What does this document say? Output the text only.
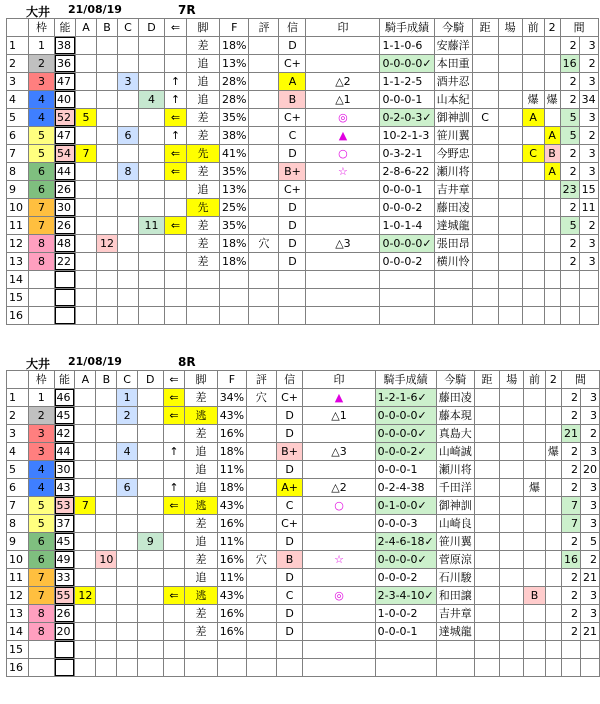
大井 21/08/19	7R
	枠	能	A	B	C	D	⇐	脚	F	評	信	印	騎手成績	今騎	距	場	前	2	間	
1	1	38						差	18%		D		1-1-0-6	安藤洋					2	3
2	2	36						追	13%		C+		0-0-0-0✓	本田重					16	2
3	3	47			3		↑	追	28%		A	△2	1-1-2-5	酒井忍					2	3
4	4	40				4	↑	追	28%		B	△1	0-0-0-1	山本紀			爆	爆	2	34
5	4	52	5				⇐	差	35%		C+	◎	0-2-0-3✓	御神訓	C		A		5	3
6	5	47			6		↑	差	38%		C	▲	10-2-1-3	笹川翼				A	5	2
7	5	54	7				⇐	先	41%		D	○	0-3-2-1	今野忠			C	B	2	3
8	6	44			8		⇐	差	35%		B+	☆	2-8-6-22	瀬川将				A	2	3
9	6	26						追	13%		C+		0-0-0-1	吉井章					23	15
10	7	30						先	25%		D		0-0-0-2	藤田凌					2	11
11	7	26				11	⇐	差	35%		D		1-0-1-4	達城龍					5	2
12	8	48		12				差	18%	穴	D	△3	0-0-0-0✓	張田昂					2	3
13	8	22						差	18%		D		0-0-0-2	横川怜					2	3
14																				
15																				
16																				
大井 21/08/19	8R
	枠	能	A	B	C	D	⇐	脚	F	評	信	印	騎手成績	今騎	距	場	前	2	間	
1	1	46			1		⇐	差	34%	穴	C+	▲	1-2-1-6✓	藤田凌					2	3
2	2	45			2		⇐	逃	43%		D	△1	0-0-0-0✓	藤本現					2	3
3	3	42						差	16%		D		0-0-0-0✓	真島大					21	2
4	3	44			4		↑	追	18%		B+	△3	0-0-0-2✓	山崎誠				爆	2	3
5	4	30						追	11%		D		0-0-0-1	瀬川将					2	20
6	4	43			6		↑	追	18%		A+	△2	0-2-4-38	千田洋			爆		2	3
7	5	53	7				⇐	逃	43%		C	○	0-1-0-0✓	御神訓					7	3
8	5	37						差	16%		C+		0-0-0-3	山崎良					7	3
9	6	45				9		追	11%		D		2-4-6-18✓	笹川翼					2	5
10	6	49		10				差	16%	穴	B	☆	0-0-0-0✓	菅原涼					16	2
11	7	33						追	11%		D		0-0-0-2	石川駿					2	21
12	7	55	12				⇐	逃	43%		C	◎	2-3-4-10✓	和田譲			B		2	3
13	8	26						差	16%		D		1-0-0-2	吉井章					2	3
14	8	20						差	16%		D		0-0-0-1	達城龍					2	21
15																				
16																				
